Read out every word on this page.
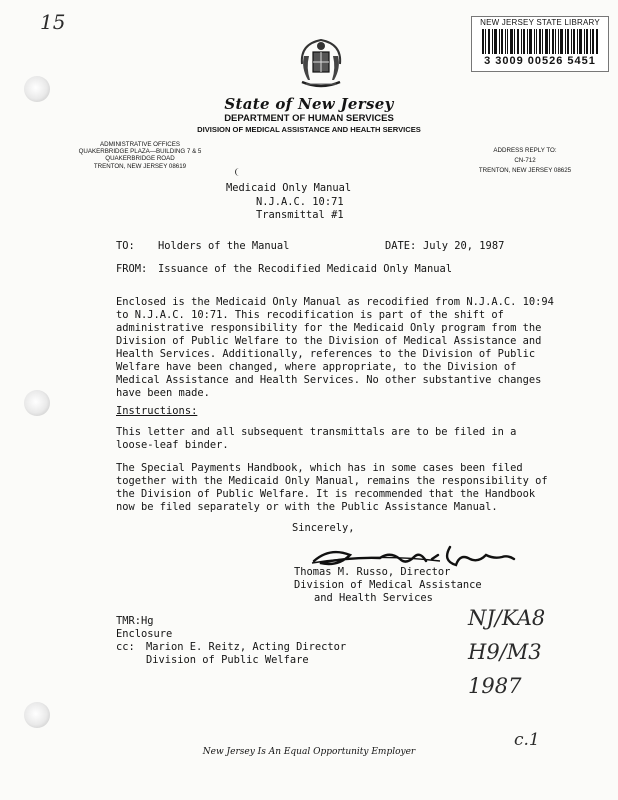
15	NEW JERSEY STATE LIBRARY
3 3009 00526 5451
State of New Jersey
DEPARTMENT OF HUMAN SERVICES
DIVISION OF MEDICAL ASSISTANCE AND HEALTH SERVICES
ADMINISTRATIVE OFFICES
QUAKERBRIDGE PLAZA—BUILDING 7 & 5
QUAKERBRIDGE ROAD
TRENTON, NEW JERSEY 08619
ADDRESS REPLY TO:
CN-712
TRENTON, NEW JERSEY 08625
Medicaid Only Manual
N.J.A.C. 10:71
Transmittal #1
TO: Holders of the Manual	DATE: July 20, 1987
FROM: Issuance of the Recodified Medicaid Only Manual
Enclosed is the Medicaid Only Manual as recodified from N.J.A.C. 10:94
to N.J.A.C. 10:71. This recodification is part of the shift of
administrative responsibility for the Medicaid Only program from the
Division of Public Welfare to the Division of Medical Assistance and
Health Services. Additionally, references to the Division of Public
Welfare have been changed, where appropriate, to the Division of
Medical Assistance and Health Services. No other substantive changes
have been made.
Instructions:
This letter and all subsequent transmittals are to be filed in a
loose-leaf binder.
The Special Payments Handbook, which has in some cases been filed
together with the Medicaid Only Manual, remains the responsibility of
the Division of Public Welfare. It is recommended that the Handbook
now be filed separately or with the Public Assistance Manual.
Sincerely,
Thomas M. Russo, Director
Division of Medical Assistance
and Health Services
TMR:Hg
Enclosure
cc: Marion E. Reitz, Acting Director
Division of Public Welfare
NJ/KA8
H9/M3
1987
c.1
New Jersey Is An Equal Opportunity Employer
